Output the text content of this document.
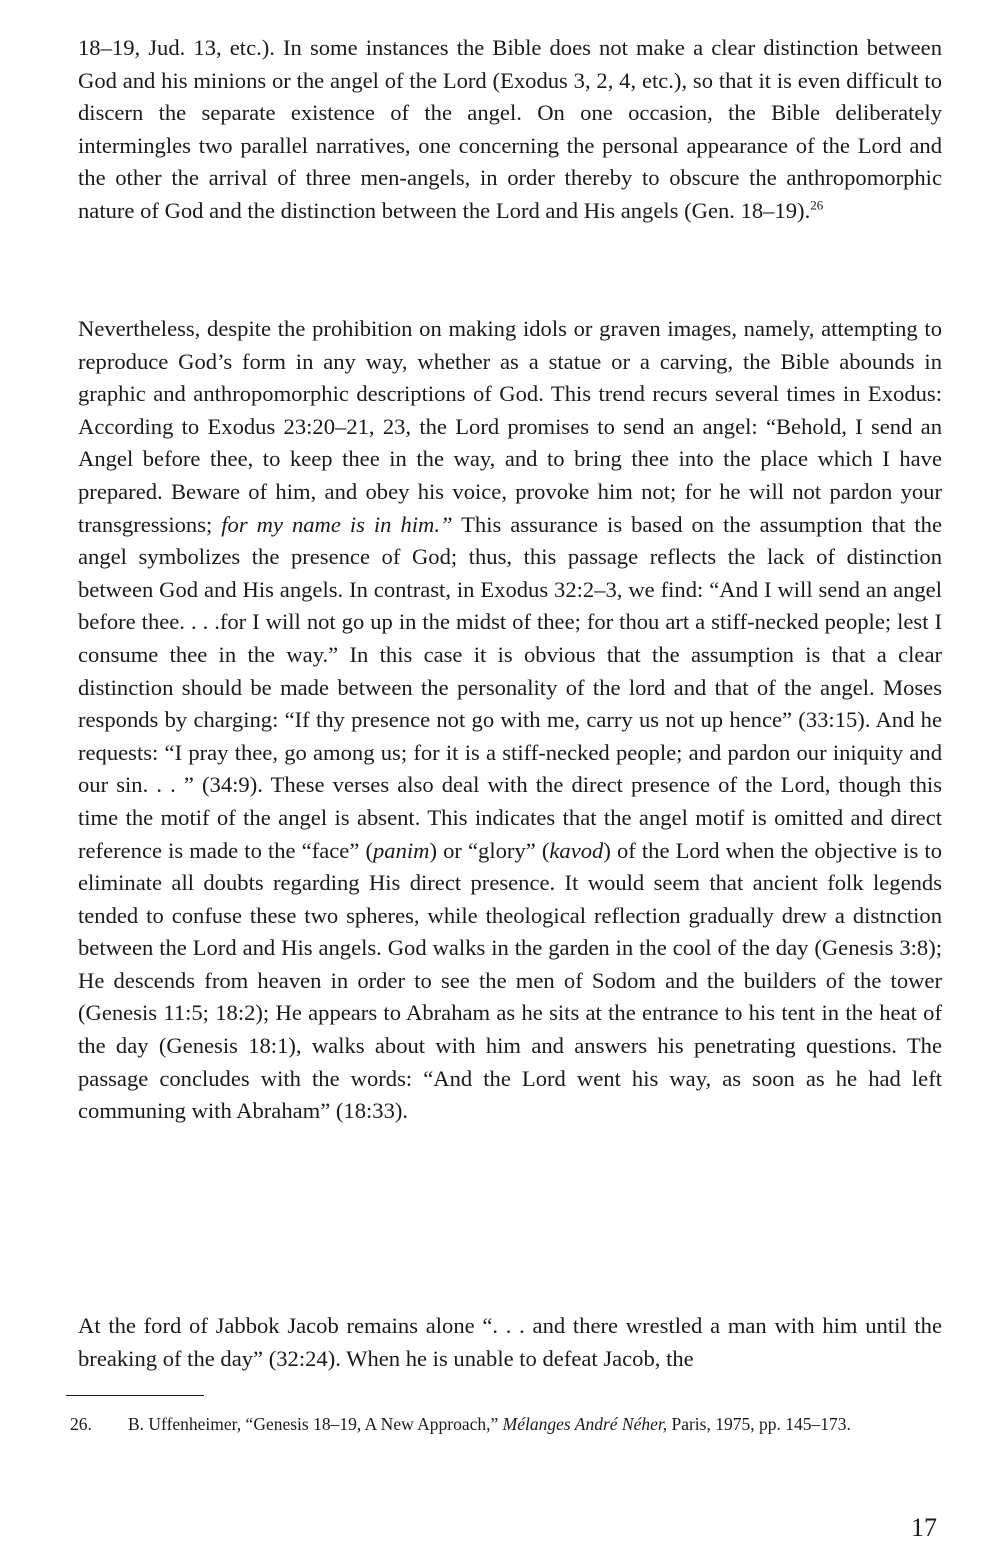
18–19, Jud. 13, etc.). In some instances the Bible does not make a clear distinction between God and his minions or the angel of the Lord (Exodus 3, 2, 4, etc.), so that it is even difficult to discern the separate existence of the angel. On one occasion, the Bible deliberately intermingles two parallel narratives, one concerning the personal appearance of the Lord and the other the arrival of three men-angels, in order thereby to obscure the anthropomorphic nature of God and the distinction between the Lord and His angels (Gen. 18–19).$^{26}$

Nevertheless, despite the prohibition on making idols or graven images, namely, attempting to reproduce God’s form in any way, whether as a statue or a carving, the Bible abounds in graphic and anthropomorphic descriptions of God. This trend recurs several times in Exodus: According to Exodus 23:20–21, 23, the Lord promises to send an angel: “Behold, I send an Angel before thee, to keep thee in the way, and to bring thee into the place which I have prepared. Beware of him, and obey his voice, provoke him not; for he will not pardon your transgressions; for my name is in him.” This assurance is based on the assumption that the angel symbolizes the presence of God; thus, this passage reflects the lack of distinction between God and His angels. In contrast, in Exodus 32:2–3, we find: “And I will send an angel before thee. . . .for I will not go up in the midst of thee; for thou art a stiff-necked people; lest I consume thee in the way.” In this case it is obvious that the assumption is that a clear distinction should be made between the personality of the lord and that of the angel. Moses responds by charging: “If thy presence not go with me, carry us not up hence” (33:15). And he requests: “I pray thee, go among us; for it is a stiff-necked people; and pardon our iniquity and our sin. . . ” (34:9). These verses also deal with the direct presence of the Lord, though this time the motif of the angel is absent. This indicates that the angel motif is omitted and direct reference is made to the “face” (panim) or “glory” (kavod) of the Lord when the objective is to eliminate all doubts regarding His direct presence. It would seem that ancient folk legends tended to confuse these two spheres, while theological reflection gradually drew a distnction between the Lord and His angels. God walks in the garden in the cool of the day (Genesis 3:8); He descends from heaven in order to see the men of Sodom and the builders of the tower (Genesis 11:5; 18:2); He appears to Abraham as he sits at the entrance to his tent in the heat of the day (Genesis 18:1), walks about with him and answers his penetrating questions. The passage concludes with the words: “And the Lord went his way, as soon as he had left communing with Abraham” (18:33).

At the ford of Jabbok Jacob remains alone “. . . and there wrestled a man with him until the breaking of the day” (32:24). When he is unable to defeat Jacob, the

26. B. Uffenheimer, “Genesis 18–19, A New Approach,” Mélanges André Néher, Paris, 1975, pp. 145–173.

17
